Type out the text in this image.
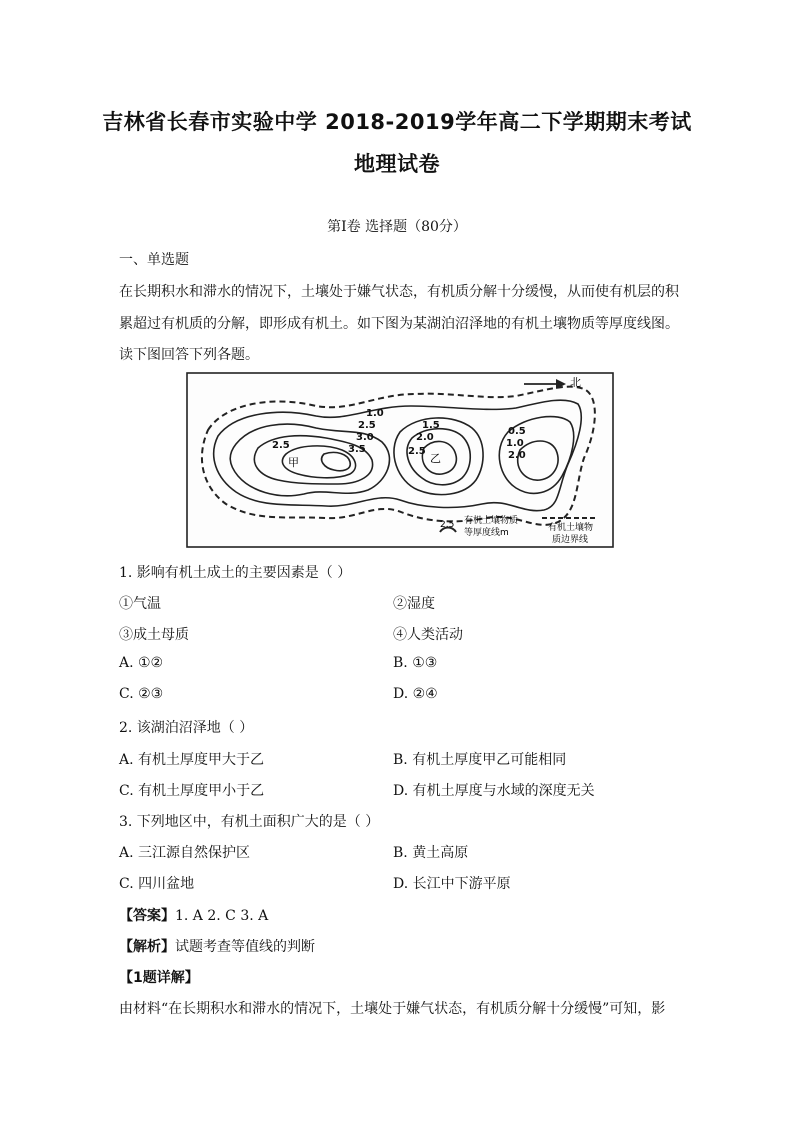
吉林省长春市实验中学 2018-2019学年高二下学期期末考试
地理试卷
第Ⅰ卷 选择题（80分）
一、单选题
在长期积水和滞水的情况下，土壤处于嫌气状态，有机质分解十分缓慢，从而使有机层的积
累超过有机质的分解，即形成有机土。如下图为某湖泊沼泽地的有机土壤物质等厚度线图。
读下图回答下列各题。
北
1.0
2.5
3.0
3.5
2.5
1.5
2.0
2.5
0.5
1.0
2.0
甲	乙
2.5 有机土壤物质
等厚度线m	有机土壤物
质边界线
1. 影响有机土成土的主要因素是（ ）
①气温	②湿度
③成土母质	④人类活动
A. ①②	B. ①③
C. ②③	D. ②④
2. 该湖泊沼泽地（ ）
A. 有机土厚度甲大于乙	B. 有机土厚度甲乙可能相同
C. 有机土厚度甲小于乙	D. 有机土厚度与水域的深度无关
3. 下列地区中，有机土面积广大的是（ ）
A. 三江源自然保护区	B. 黄土高原
C. 四川盆地	D. 长江中下游平原
【答案】1. A 2. C 3. A
【解析】试题考查等值线的判断
【1题详解】
由材料“在长期积水和滞水的情况下，土壤处于嫌气状态，有机质分解十分缓慢”可知，影
